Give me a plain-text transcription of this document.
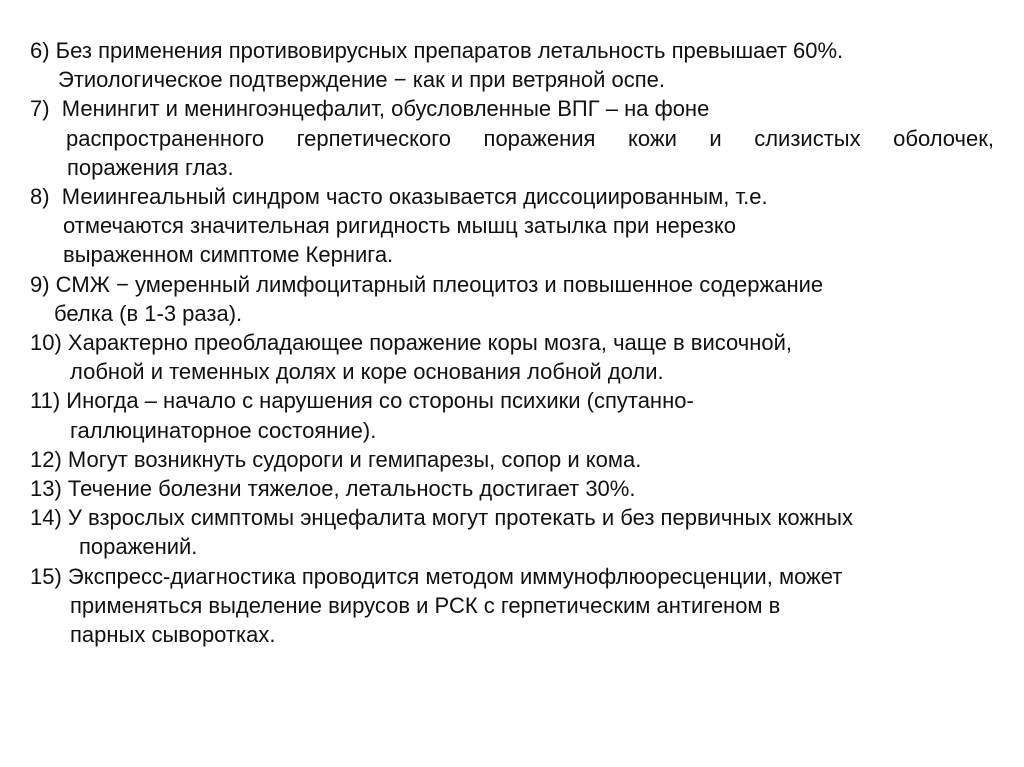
6) Без применения противовирусных препаратов летальность превышает 60%.
Этиологическое подтверждение − как и при ветряной оспе.
7)  Менингит и менингоэнцефалит, обусловленные ВПГ – на фоне
распространенного герпетического поражения кожи и слизистых оболочек,
поражения глаз.
8)  Меиингеальный синдром часто оказывается диссоциированным, т.е.
отмечаются значительная ригидность мышц затылка при нерезко
выраженном симптоме Кернига.
9) СМЖ − умеренный лимфоцитарный плеоцитоз и повышенное содержание
белка (в 1-3 раза).
10) Характерно преобладающее поражение коры мозга, чаще в височной,
лобной и теменных долях и коре основания лобной доли.
11) Иногда – начало с нарушения со стороны психики (спутанно-
галлюцинаторное состояние).
12) Могут возникнуть судороги и гемипарезы, сопор и кома.
13) Течение болезни тяжелое, летальность достигает 30%.
14) У взрослых симптомы энцефалита могут протекать и без первичных кожных
поражений.
15) Экспресс-диагностика проводится методом иммунофлюоресценции, может
применяться выделение вирусов и РСК с герпетическим антигеном в
парных сыворотках.
